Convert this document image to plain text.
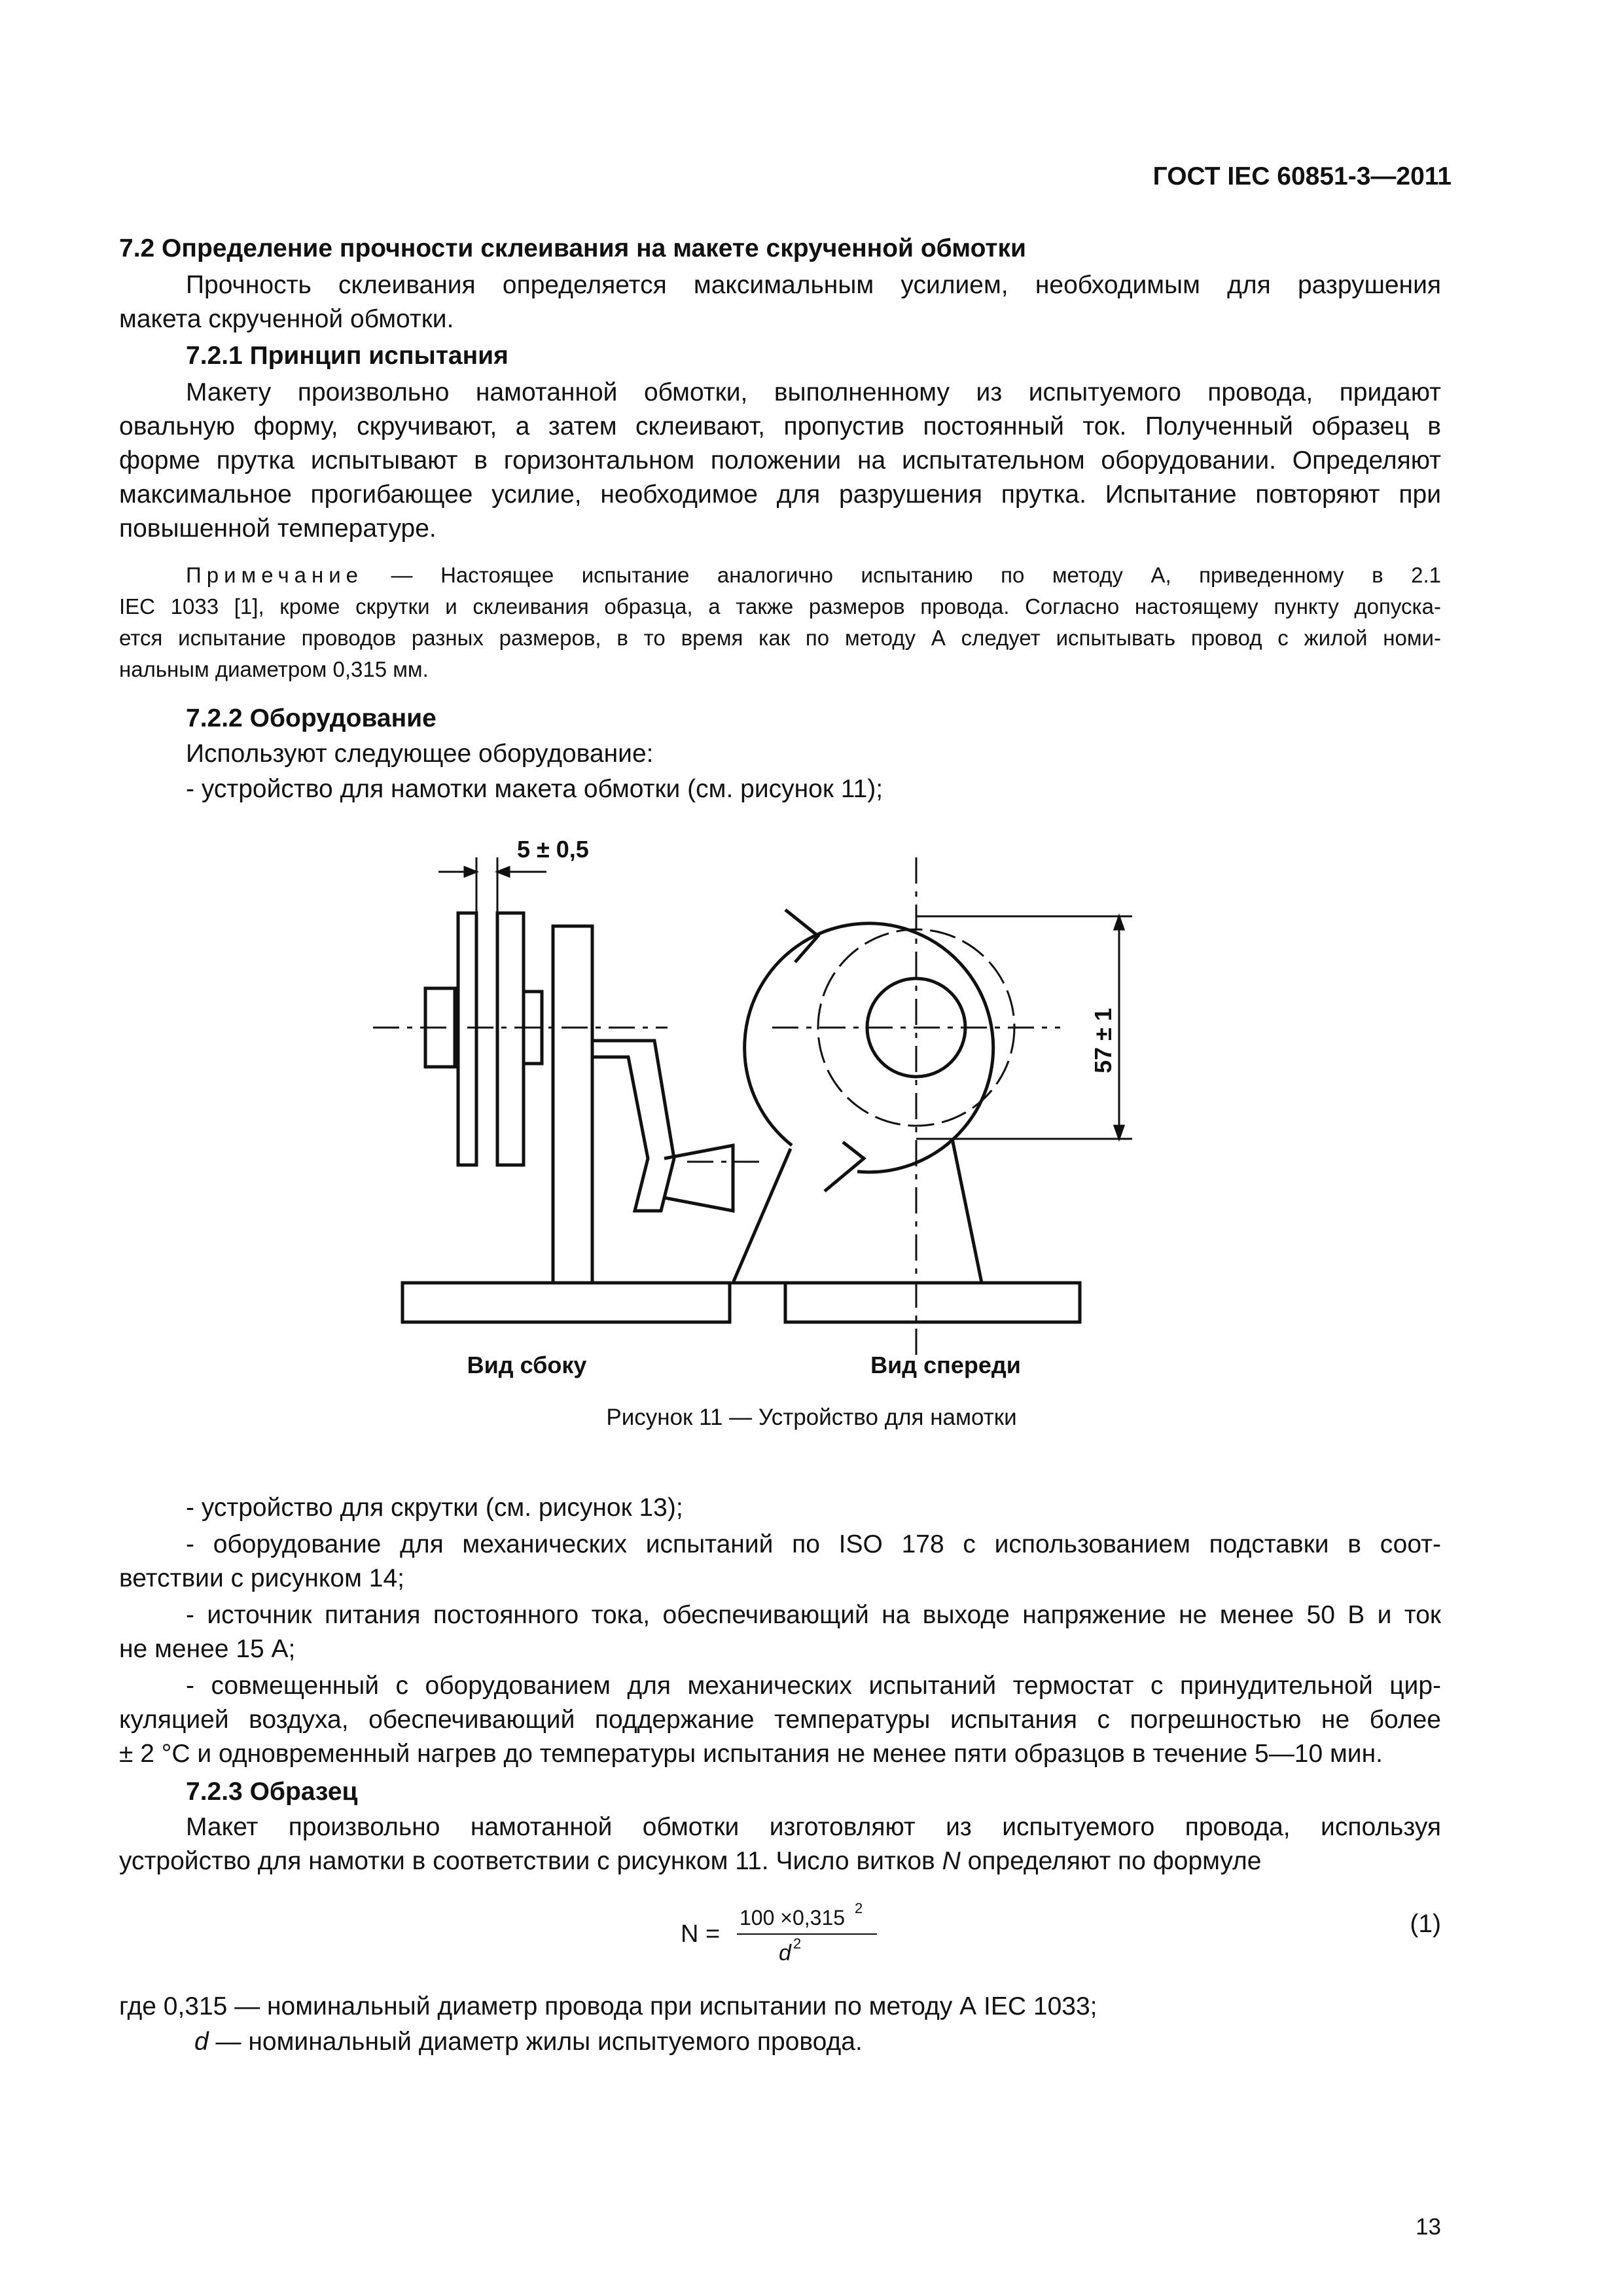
ГОСТ IEC 60851-3—2011
7.2 Определение прочности склеивания на макете скрученной обмотки
Прочность склеивания определяется максимальным усилием, необходимым для разрушения
макета скрученной обмотки.
7.2.1 Принцип испытания
Макету произвольно намотанной обмотки, выполненному из испытуемого провода, придают
овальную форму, скручивают, а затем склеивают, пропустив постоянный ток. Полученный образец в
форме прутка испытывают в горизонтальном положении на испытательном оборудовании. Определяют
максимальное прогибающее усилие, необходимое для разрушения прутка. Испытание повторяют при
повышенной температуре.
Примечание — Настоящее испытание аналогично испытанию по методу А, приведенному в 2.1
IEC 1033 [1], кроме скрутки и склеивания образца, а также размеров провода. Согласно настоящему пункту допуска-
ется испытание проводов разных размеров, в то время как по методу А следует испытывать провод с жилой номи-
нальным диаметром 0,315 мм.
7.2.2 Оборудование
Используют следующее оборудование:
- устройство для намотки макета обмотки (см. рисунок 11);
5 ± 0,5
57 ± 1
Вид сбоку	Вид спереди
Рисунок 11 — Устройство для намотки
- устройство для скрутки (см. рисунок 13);
- оборудование для механических испытаний по ISO 178 с использованием подставки в соот-
ветствии с рисунком 14;
- источник питания постоянного тока, обеспечивающий на выходе напряжение не менее 50 В и ток
не менее 15 А;
- совмещенный с оборудованием для механических испытаний термостат с принудительной цир-
куляцией воздуха, обеспечивающий поддержание температуры испытания с погрешностью не более
± 2 °С и одновременный нагрев до температуры испытания не менее пяти образцов в течение 5—10 мин.
7.2.3 Образец
Макет произвольно намотанной обмотки изготовляют из испытуемого провода, используя
устройство для намотки в соответствии с рисунком 11. Число витков N определяют по формуле
N =
100 ×0,315 2
d 2
(1)
где 0,315 — номинальный диаметр провода при испытании по методу А IEC 1033;
d — номинальный диаметр жилы испытуемого провода.
13
